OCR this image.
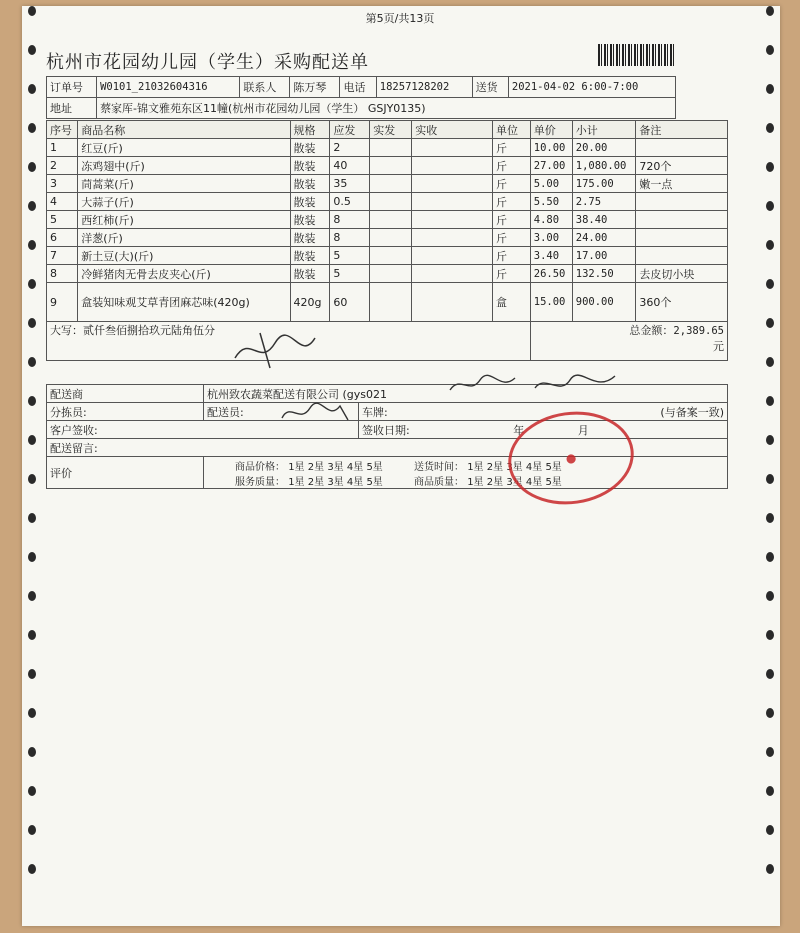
第5页/共13页
杭州市花园幼儿园（学生）采购配送单
订单号	W0101_21032604316	联系人	陈万琴	电话	18257128202	送货	2021-04-02 6:00-7:00
地址	蔡家厍-锦文雅苑东区11幢(杭州市花园幼儿园（学生） GSJY0135)						
序号	商品名称	规格	应发	实发	实收	单位	单价	小计	备注
1	红豆(斤)	散装	2			斤	10.00	20.00	
2	冻鸡翅中(斤)	散装	40			斤	27.00	1,080.00	720个
3	茼蒿菜(斤)	散装	35			斤	5.00	175.00	嫩一点
4	大蒜子(斤)	散装	0.5			斤	5.50	2.75	
5	西红柿(斤)	散装	8			斤	4.80	38.40	
6	洋葱(斤)	散装	8			斤	3.00	24.00	
7	新土豆(大)(斤)	散装	5			斤	3.40	17.00	
8	冷鲜猪肉无骨去皮夹心(斤)	散装	5			斤	26.50	132.50	去皮切小块
9	盒装知味观艾草青团麻芯味(420g)	420g	60			盒	15.00	900.00	360个
大写：贰仟叁佰捌拾玖元陆角伍分							总金额：2,389.65
元		
配送商	杭州致农蔬菜配送有限公司 (gys021	
分拣员:	配送员:	车牌: (与备案一致)

客户签收:		签收日期: 年 月
配送留言:		
评价	商品价格： 1星 2星 3星 4星 5星 送货时间： 1星 2星 3星 4星 5星
服务质量： 1星 2星 3星 4星 5星 商品质量： 1星 2星 3星 4星 5星	
●
